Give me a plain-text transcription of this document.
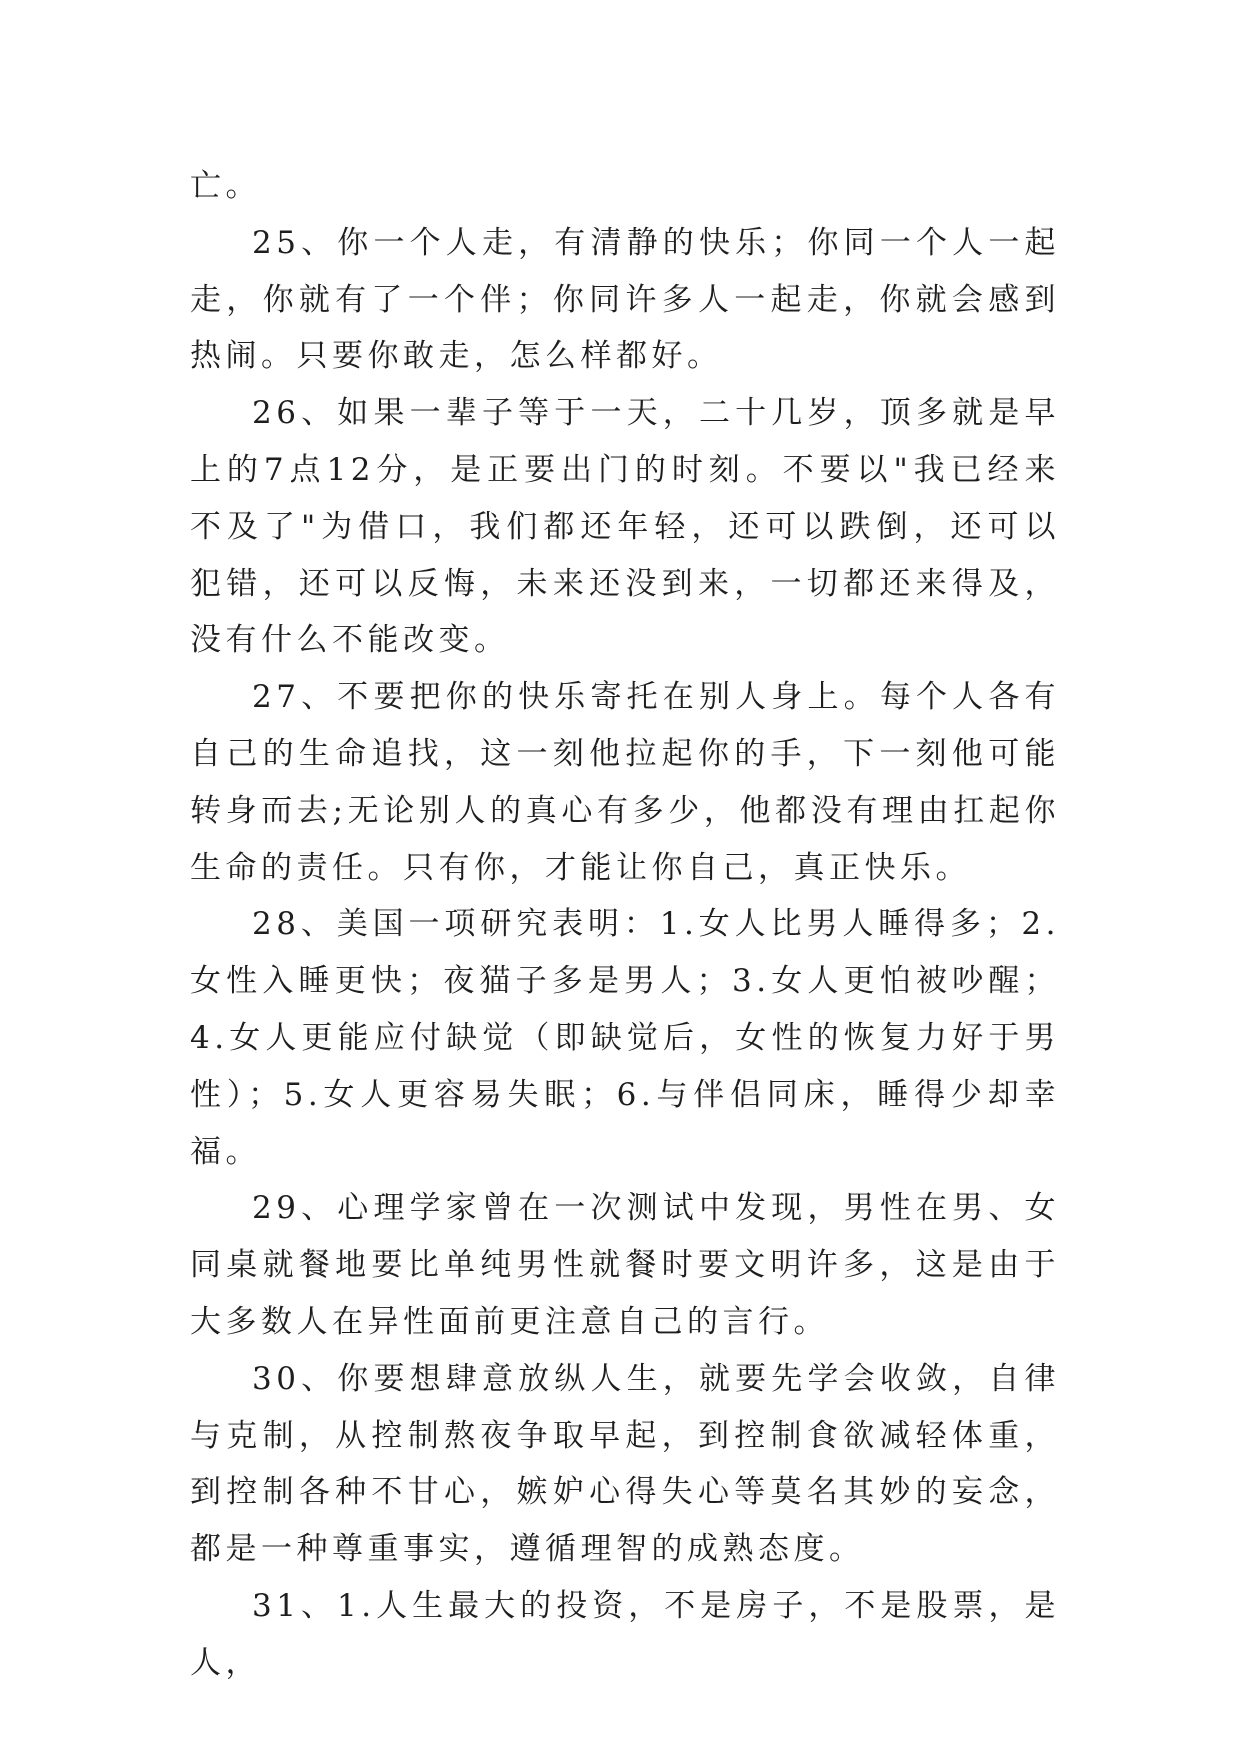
亡。

25、你一个人走，有清静的快乐；你同一个人一起走，你就有了一个伴；你同许多人一起走，你就会感到热闹。只要你敢走，怎么样都好。

26、如果一辈子等于一天，二十几岁，顶多就是早上的7点12分，是正要出门的时刻。不要以"我已经来不及了"为借口，我们都还年轻，还可以跌倒，还可以犯错，还可以反悔，未来还没到来，一切都还来得及，没有什么不能改变。

27、不要把你的快乐寄托在别人身上。每个人各有自己的生命追找，这一刻他拉起你的手，下一刻他可能转身而去;无论别人的真心有多少，他都没有理由扛起你生命的责任。只有你，才能让你自己，真正快乐。

28、美国一项研究表明：1.女人比男人睡得多；2.女性入睡更快；夜猫子多是男人；3.女人更怕被吵醒；4.女人更能应付缺觉（即缺觉后，女性的恢复力好于男性）；5.女人更容易失眠；6.与伴侣同床，睡得少却幸福。

29、心理学家曾在一次测试中发现，男性在男、女同桌就餐地要比单纯男性就餐时要文明许多，这是由于大多数人在异性面前更注意自己的言行。

30、你要想肆意放纵人生，就要先学会收敛，自律与克制，从控制熬夜争取早起，到控制食欲减轻体重，到控制各种不甘心，嫉妒心得失心等莫名其妙的妄念，都是一种尊重事实，遵循理智的成熟态度。

31、1.人生最大的投资，不是房子，不是股票，是人，
